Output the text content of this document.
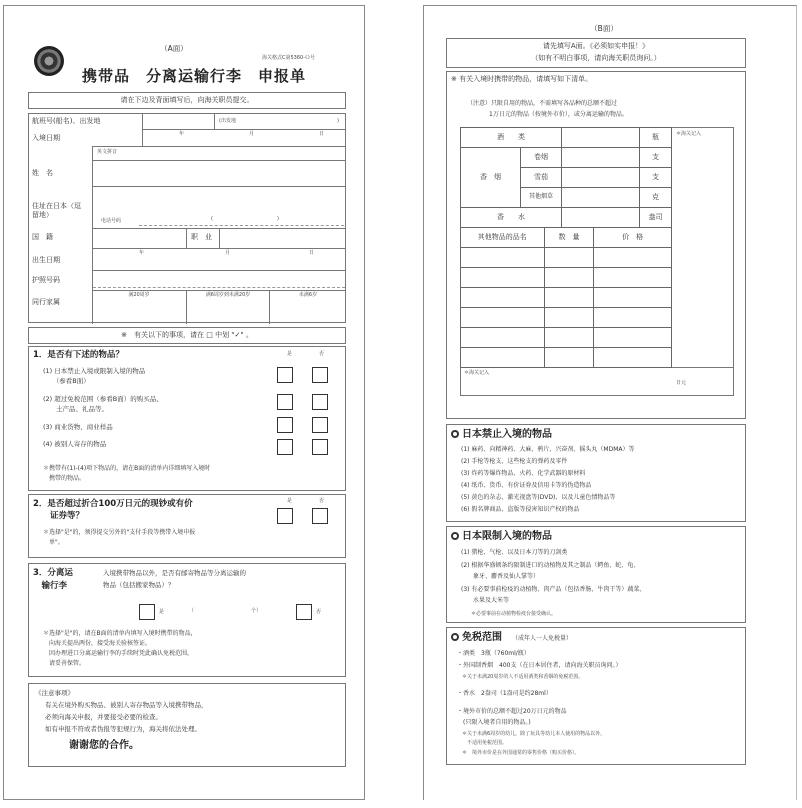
（A面）
海关格式C第5360-Ｏ号
携带品　分离运输行李　申报单
请在下边及背面填写后，向海关职员提交。
航班号(船名)、出发地	(出发地	)
入境日期	年	月	日
英文拼音
姓　名
住址在日本（逗留地）
电话号码	(	)
国　籍	职　业
出生日期
年	月	日
护照号码
同行家属
满20周岁	满6周岁到未满20岁	未满6岁
※　有关以下的事项，请在 □ 中划 "✓" 。
1．是否有下述的物品？	是	否
(1) 日本禁止入境或限制入境的物品
　　（参看B面）
(2) 超过免税范围（参看B面）的购买品、
　　土产品、礼品等。
(3) 商业货物、商业样品
(4) 被别人寄存的物品
＊携带有(1)-(4)项下物品的，请在B面的清单内详细填写入境时
　携带的物品。
2．是否超过折合100万日元的现钞或有价
　　证券等？
是	否
＊选择"是"的，须得提交另外的"支付手段等携带入境申报
　单"。
3．分离运
　输行李
入境携带物品以外，是否有邮寄物品等分离运输的
物品（包括搬家物品）？
是	（	个）	否
＊选择"是"的，请在B面的清单内填写入境时携带的物品，
　向海关提出两份，接受海关验核签证。
　因办理进口分离运输行李的手续时凭此确认免税范围，
　请妥善保管。
《注意事项》
有关在境外购买物品、被别人寄存物品等入境携带物品，
必须向海关申报，并要接受必要的检查。
如有申报不符或者伪报等犯规行为，海关将依法处理。
谢谢您的合作。
（B面）
请先填写A面。《必须如实申报！》
（如有不明白事项，请向海关职员询问。）
※ 有关入境时携带的物品，请填写如下清单。
（注意）只限自用的物品，不需填写各品种的总额不超过
1万日元的物品（按境外市价），或分离运输的物品。
酒　　类			瓶
香　烟	卷烟		支
	雪茄		支
	其他烟草		克
香　　水			盎司
其他物品的品名	数　量	价　格

＊海关记入
＊海关记入
日元
日本禁止入境的物品
(1) 麻药、向精神药、大麻、鸦片、兴奋剂、摇头丸（MDMA）等
(2) 手枪等枪支、这些枪支的弹药及零件
(3) 炸药等爆炸物品、火药、化学武器的原材料
(4) 纸币、货币、有价证券及信用卡等的伪造物品
(5) 黄色的杂志、激光视盘等(DVD)、以及儿童色情物品等
(6) 假名牌商品、盗版等侵害知识产权的物品
日本限制入境的物品
(1) 猎枪、气枪、以及日本刀等的刀剑类
(2) 根据华盛顿条约限制进口的动植物及其之制品（鳄鱼、蛇、龟、
　　象牙、麝香及仙人掌等）
(3) 有必要事前检疫的动植物、肉产品（包括香肠、牛肉干等）蔬菜、
　　水果及大米等
＊必要事前在动植物检疫台接受确认。
免税范围 （成年人一人免税量）
・酒类　3瓶（760ml/瓶）
・外国制香烟　400支（在日本居住者，请向海关职员询问。）
　＊关于未满20周岁的人不适用酒类和香烟的免税范围。
・香水　2盎司（1盎司是约28ml）
・境外市价的总额不超过20万日元的物品
　(只限入境者自用的物品。)
　＊关于未满6周岁的幼儿，除了玩具等幼儿本人使用的物品以外，
　　不适用免税范围。
　＊　境外市价是在外国通常的零售价格（购买价格）。
